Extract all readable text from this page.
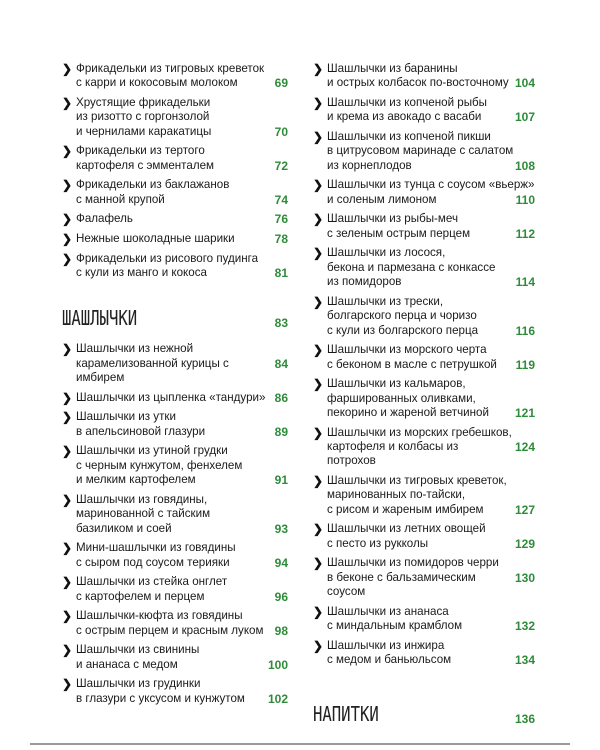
❯ Фрикадельки из тигровых креветок
с карри и кокосовым молоком	69
❯ Хрустящие фрикадельки
из ризотто с горгонзолой
и чернилами каракатицы	70
❯ Фрикадельки из тертого
картофеля с эмменталем	72
❯ Фрикадельки из баклажанов
с манной крупой	74
❯ Фалафель	76
❯ Нежные шоколадные шарики	78
❯ Фрикадельки из рисового пудинга
с кули из манго и кокоса	81
ШАШЛЫЧКИ	83
❯ Шашлычки из нежной
карамелизованной курицы с имбирем
84
❯ Шашлычки из цыпленка «тандури» 86
❯ Шашлычки из утки
в апельсиновой глазури	89
❯ Шашлычки из утиной грудки
с черным кунжутом, фенхелем
и мелким картофелем	91
❯ Шашлычки из говядины,
маринованной с тайским
базиликом и соей	93
❯ Мини-шашлычки из говядины
с сыром под соусом терияки	94
❯ Шашлычки из стейка онглет
с картофелем и перцем	96
❯ Шашлычки-кюфта из говядины
с острым перцем и красным луком 98
❯ Шашлычки из свинины
и ананаса с медом	100
❯ Шашлычки из грудинки
в глазури с уксусом и кунжутом	102
❯ Шашлычки из баранины
и острых колбасок по-восточному 104
❯ Шашлычки из копченой рыбы
и крема из авокадо с васаби	107
❯ Шашлычки из копченой пикши
в цитрусовом маринаде с салатом
из корнеплодов	108
❯ Шашлычки из тунца с соусом «вьерж»
и соленым лимоном	110
❯ Шашлычки из рыбы-меч
с зеленым острым перцем	112
❯ Шашлычки из лосося,
бекона и пармезана с конкассе
из помидоров	114
❯ Шашлычки из трески,
болгарского перца и чоризо
с кули из болгарского перца	116
❯ Шашлычки из морского черта
с беконом в масле с петрушкой	119
❯ Шашлычки из кальмаров,
фаршированных оливками,
пекорино и жареной ветчиной	121
❯ Шашлычки из морских гребешков,
картофеля и колбасы из потрохов
124
❯ Шашлычки из тигровых креветок,
маринованных по-тайски,
с рисом и жареным имбирем	127
❯ Шашлычки из летних овощей
с песто из рукколы	129
❯ Шашлычки из помидоров черри
в беконе с бальзамическим соусом
130
❯ Шашлычки из ананаса
с миндальным крамблом	132
❯ Шашлычки из инжира
с медом и баньюльсом	134
НАПИТКИ	136
